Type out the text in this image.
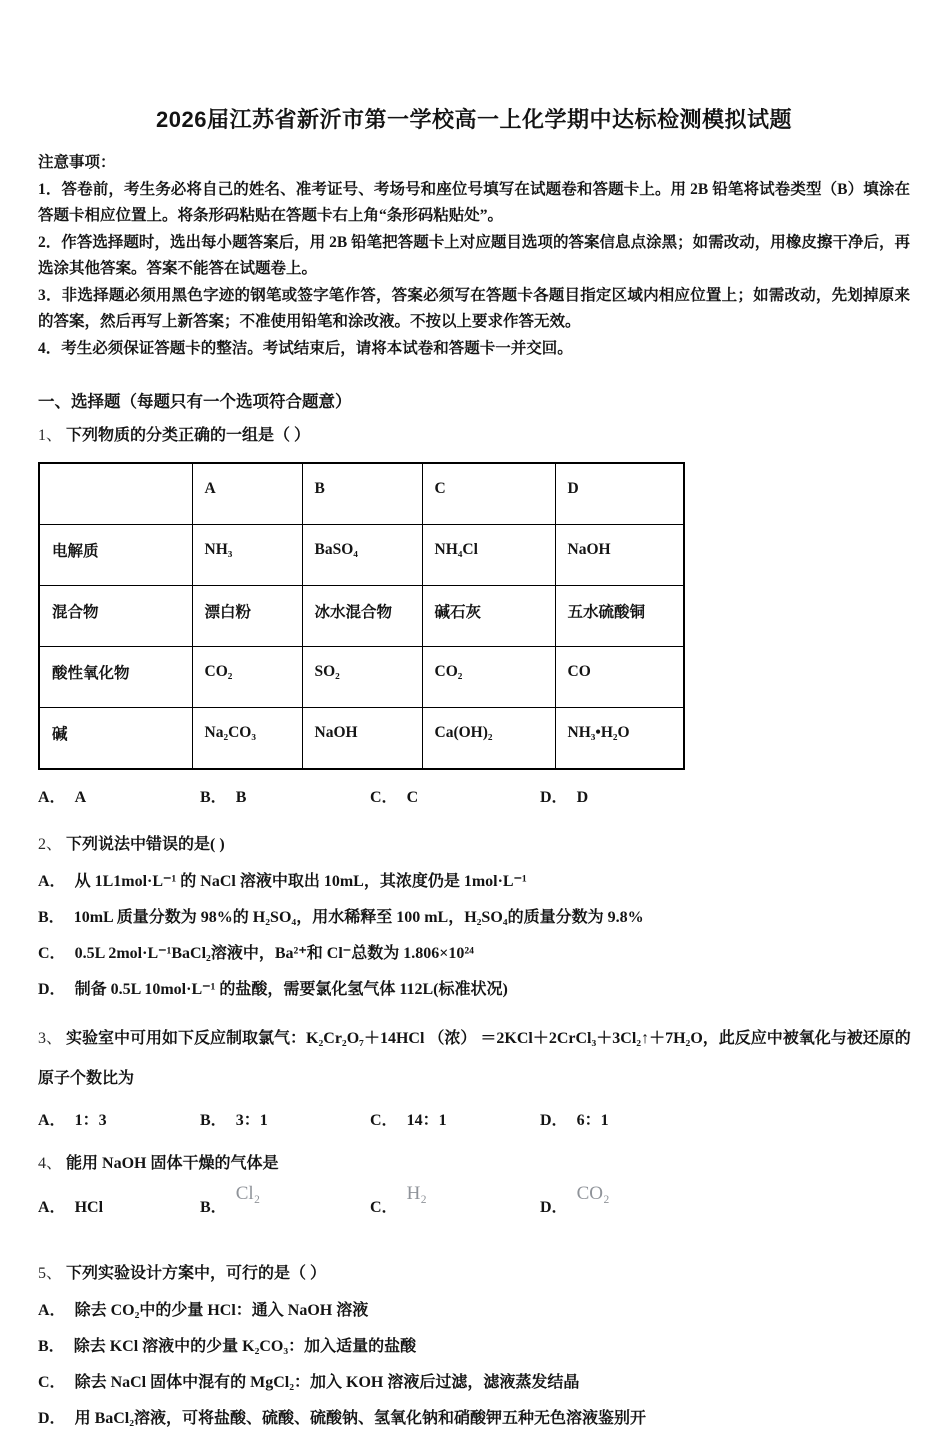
2026届江苏省新沂市第一学校高一上化学期中达标检测模拟试题
注意事项：
1．答卷前，考生务必将自己的姓名、准考证号、考场号和座位号填写在试题卷和答题卡上。用 2B 铅笔将试卷类型（B）填涂在答题卡相应位置上。将条形码粘贴在答题卡右上角“条形码粘贴处”。
2．作答选择题时，选出每小题答案后，用 2B 铅笔把答题卡上对应题目选项的答案信息点涂黑；如需改动，用橡皮擦干净后，再选涂其他答案。答案不能答在试题卷上。
3．非选择题必须用黑色字迹的钢笔或签字笔作答，答案必须写在答题卡各题目指定区域内相应位置上；如需改动，先划掉原来的答案，然后再写上新答案；不准使用铅笔和涂改液。不按以上要求作答无效。
4．考生必须保证答题卡的整洁。考试结束后，请将本试卷和答题卡一并交回。
一、选择题（每题只有一个选项符合题意）
1、 下列物质的分类正确的一组是（ ）
	A	B	C	D
电解质	NH₃	BaSO₄	NH₄Cl	NaOH
混合物	漂白粉	冰水混合物	碱石灰	五水硫酸铜
酸性氧化物	CO₂	SO₂	CO₂	CO
碱	Na₂CO₃	NaOH	Ca(OH)₂	NH₃•H₂O
A． A	B． B	C． C	D． D
2、 下列说法中错误的是( )
A． 从 1L1mol·L⁻¹ 的 NaCl 溶液中取出 10mL，其浓度仍是 1mol·L⁻¹
B． 10mL 质量分数为 98%的 H₂SO₄，用水稀释至 100 mL，H₂SO₄的质量分数为 9.8%
C． 0.5L 2mol·L⁻¹BaCl₂溶液中，Ba²⁺和 Cl⁻总数为 1.806×10²⁴
D． 制备 0.5L 10mol·L⁻¹ 的盐酸，需要氯化氢气体 112L(标准状况)
3、 实验室中可用如下反应制取氯气：K₂Cr₂O₇＋14HCl （浓） ＝2KCl＋2CrCl₃＋3Cl₂↑＋7H₂O，此反应中被氧化与被还原的原子个数比为
A． 1：3	B． 3：1	C． 14：1	D． 6：1
4、 能用 NaOH 固体干燥的气体是
A． HCl	B．Cl₂
C．H₂
D．CO₂
5、 下列实验设计方案中，可行的是（ ）
A． 除去 CO₂中的少量 HCl：通入 NaOH 溶液
B． 除去 KCl 溶液中的少量 K₂CO₃：加入适量的盐酸
C． 除去 NaCl 固体中混有的 MgCl₂：加入 KOH 溶液后过滤，滤液蒸发结晶
D． 用 BaCl₂溶液，可将盐酸、硫酸、硫酸钠、氢氧化钠和硝酸钾五种无色溶液鉴别开
